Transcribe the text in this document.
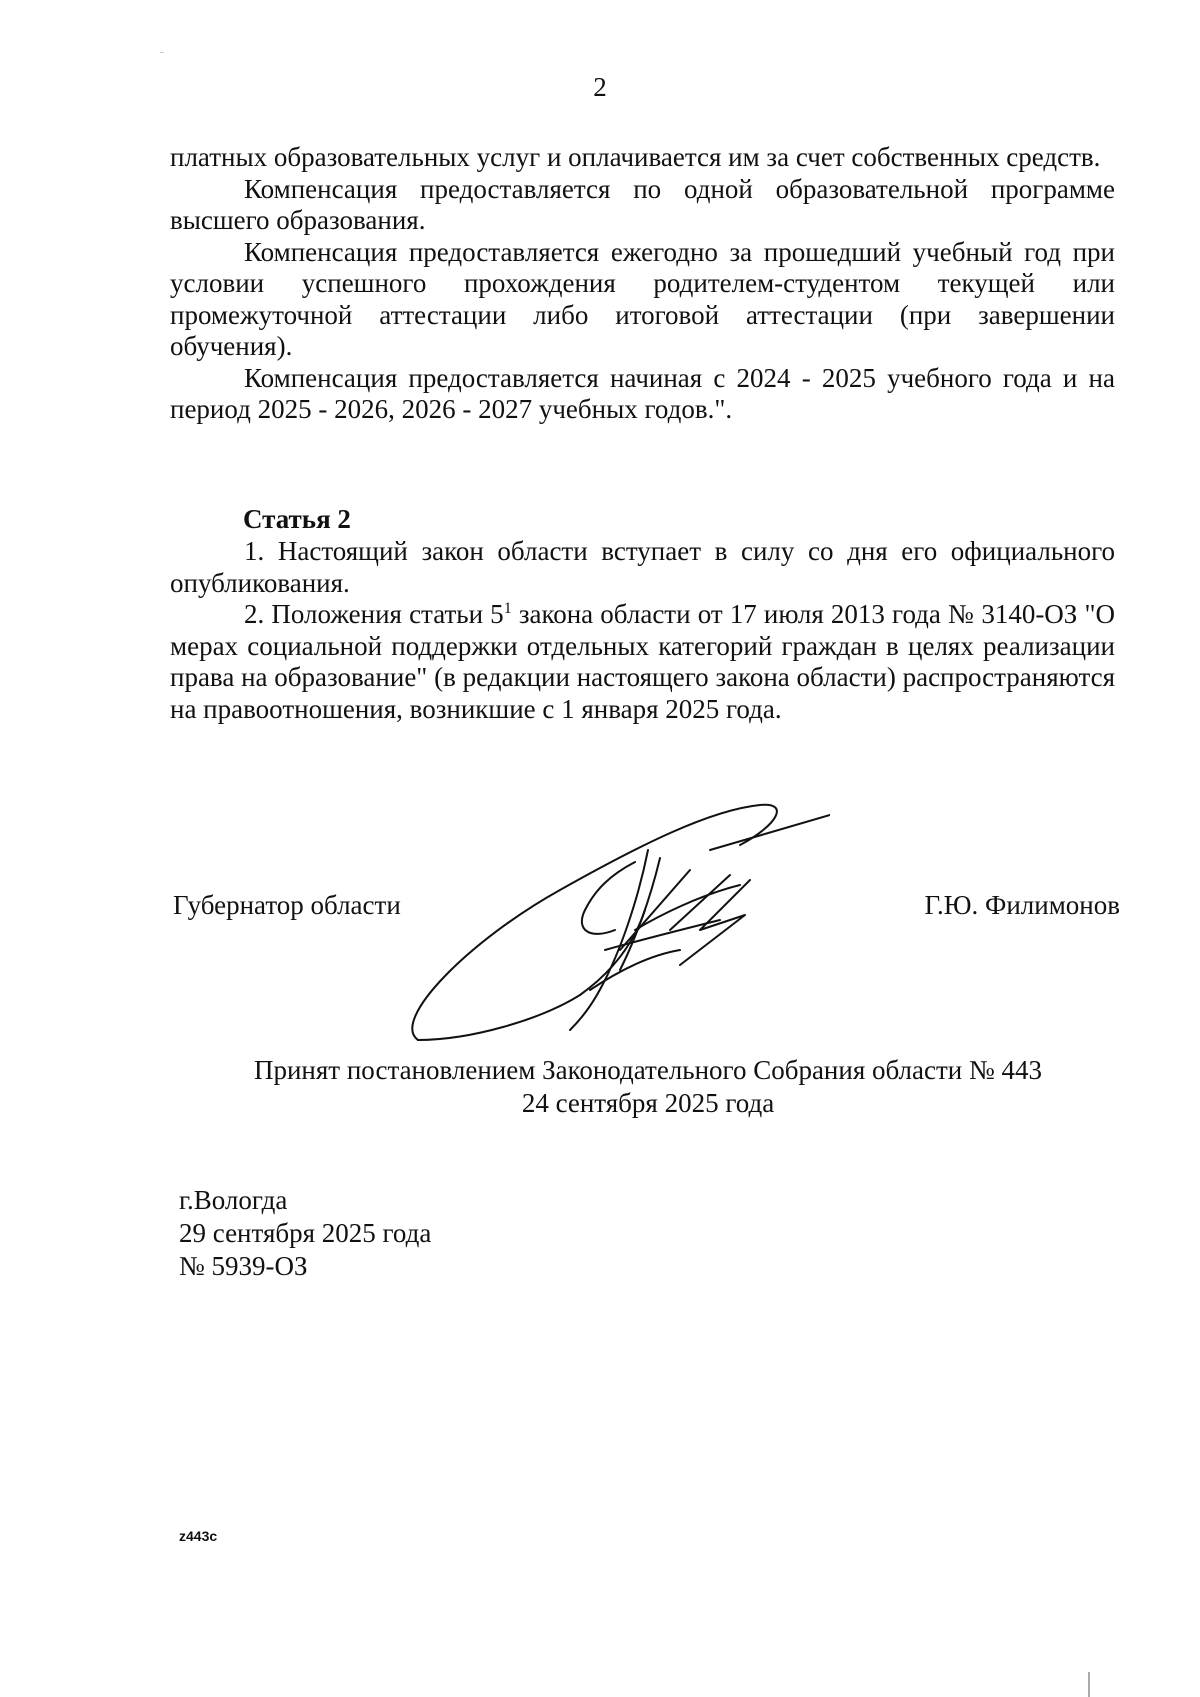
2

платных образовательных услуг и оплачивается им за счет собственных средств.

Компенсация предоставляется по одной образовательной программе высшего образования.

Компенсация предоставляется ежегодно за прошедший учебный год при условии успешного прохождения родителем-студентом текущей или промежуточной аттестации либо итоговой аттестации (при завершении обучения).

Компенсация предоставляется начиная с 2024 - 2025 учебного года и на период 2025 - 2026, 2026 - 2027 учебных годов.".

Статья 2

1. Настоящий закон области вступает в силу со дня его официального опубликования.

2. Положения статьи $5^1$ закона области от 17 июля 2013 года № 3140-ОЗ "О мерах социальной поддержки отдельных категорий граждан в целях реализации права на образование" (в редакции настоящего закона области) распространяются на правоотношения, возникшие с 1 января 2025 года.

Губернатор области	Г.Ю. Филимонов
Принят постановлением Законодательного Собрания области № 443
24 сентября 2025 года
г.Вологда
29 сентября 2025 года
№ 5939-ОЗ
z443c
